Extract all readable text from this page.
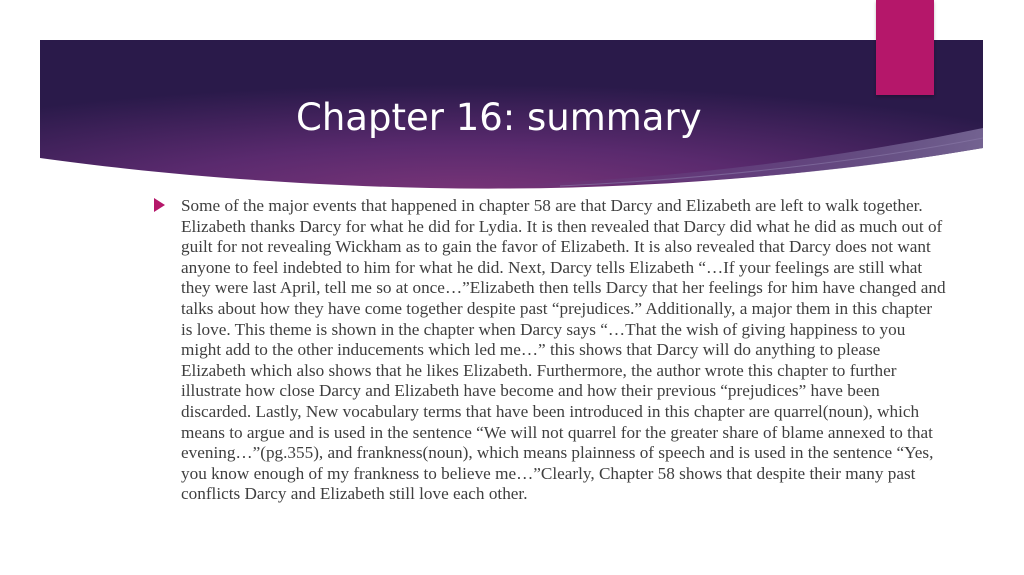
Chapter 16: summary

Some of the major events that happened in chapter 58 are that Darcy and Elizabeth are left to walk together. Elizabeth thanks Darcy for what he did for Lydia. It is then revealed that Darcy did what he did as much out of guilt for not revealing Wickham as to gain the favor of Elizabeth. It is also revealed that Darcy does not want anyone to feel indebted to him for what he did. Next, Darcy tells Elizabeth “…If your feelings are still what they were last April, tell me so at once…”Elizabeth then tells Darcy that her feelings for him have changed and talks about how they have come together despite past “prejudices.” Additionally, a major them in this chapter is love. This theme is shown in the chapter when Darcy says “…That the wish of giving happiness to you might add to the other inducements which led me…” this shows that Darcy will do anything to please Elizabeth which also shows that he likes Elizabeth. Furthermore, the author wrote this chapter to further illustrate how close Darcy and Elizabeth have become and how their previous “prejudices” have been discarded. Lastly, New vocabulary terms that have been introduced in this chapter are quarrel(noun), which means to argue and is used in the sentence “We will not quarrel for the greater share of blame annexed to that evening…”(pg.355), and frankness(noun), which means plainness of speech and is used in the sentence “Yes, you know enough of my frankness to believe me…”Clearly, Chapter 58 shows that despite their many past conflicts Darcy and Elizabeth still love each other.
